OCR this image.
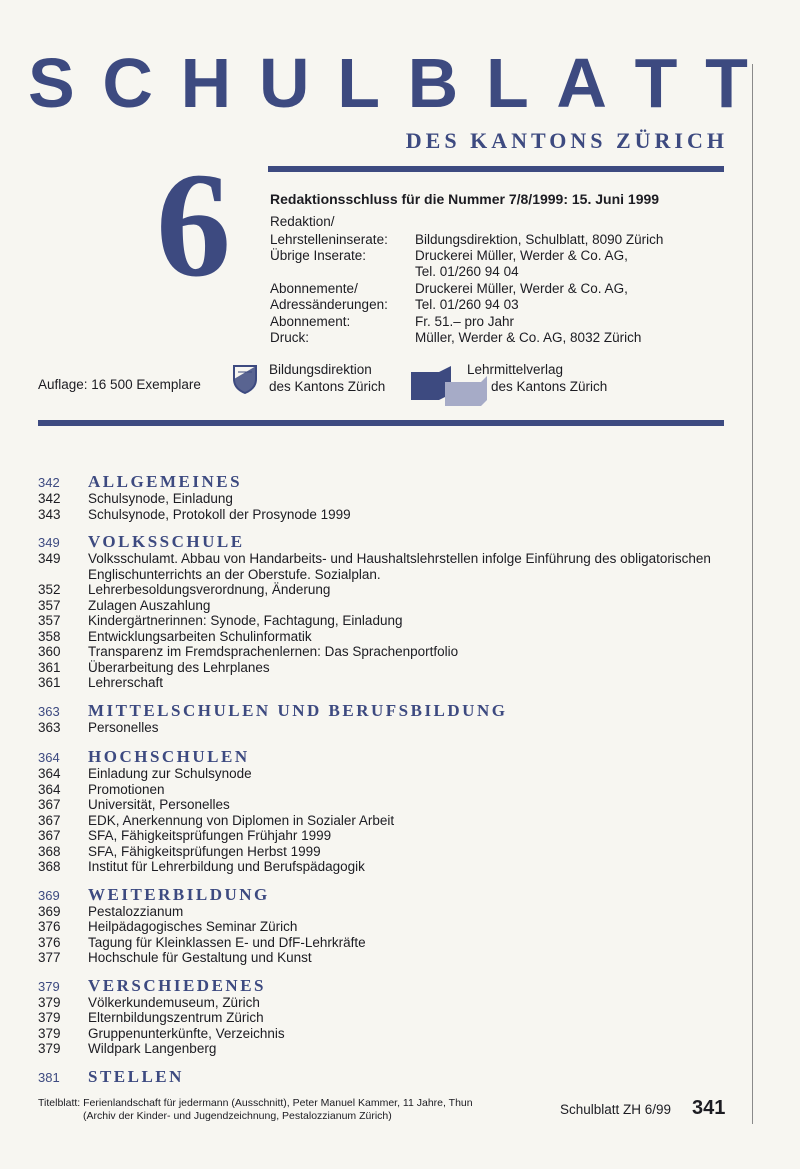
S C H U L B L A T T
DES KANTONS ZÜRICH
6	Redaktionsschluss für die Nummer 7/8/1999: 15. Juni 1999
Redaktion/
Lehrstelleninserate: Bildungsdirektion, Schulblatt, 8090 Zürich
Übrige Inserate:	Druckerei Müller, Werder & Co. AG,
Tel. 01/260 94 04
Abonnemente/	Druckerei Müller, Werder & Co. AG,
Adressänderungen: Tel. 01/260 94 03
Abonnement:	Fr. 51.– pro Jahr
Druck:	Müller, Werder & Co. AG, 8032 Zürich
Bildungsdirektion
des Kantons Zürich
Lehrmittelverlag
des Kantons Zürich
Auflage: 16 500 Exemplare
342	ALLGEMEINES
342	Schulsynode, Einladung
343	Schulsynode, Protokoll der Prosynode 1999
349	VOLKSSCHULE
349	Volksschulamt. Abbau von Handarbeits- und Haushaltslehrstellen infolge Einführung des obligatorischen Englischunterrichts an der Oberstufe. Sozialplan.
352	Lehrerbesoldungsverordnung, Änderung
357	Zulagen Auszahlung
357	Kindergärtnerinnen: Synode, Fachtagung, Einladung
358	Entwicklungsarbeiten Schulinformatik
360	Transparenz im Fremdsprachenlernen: Das Sprachenportfolio
361	Überarbeitung des Lehrplanes
361	Lehrerschaft
363	MITTELSCHULEN UND BERUFSBILDUNG
363	Personelles
364	HOCHSCHULEN
364	Einladung zur Schulsynode
364	Promotionen
367	Universität, Personelles
367	EDK, Anerkennung von Diplomen in Sozialer Arbeit
367	SFA, Fähigkeitsprüfungen Frühjahr 1999
368	SFA, Fähigkeitsprüfungen Herbst 1999
368	Institut für Lehrerbildung und Berufspädagogik
369	WEITERBILDUNG
369	Pestalozzianum
376	Heilpädagogisches Seminar Zürich
376	Tagung für Kleinklassen E- und DfF-Lehrkräfte
377	Hochschule für Gestaltung und Kunst
379	VERSCHIEDENES
379	Völkerkundemuseum, Zürich
379	Elternbildungszentrum Zürich
379	Gruppenunterkünfte, Verzeichnis
379	Wildpark Langenberg
381	STELLEN
Titelblatt: Ferienlandschaft für jedermann (Ausschnitt), Peter Manuel Kammer, 11 Jahre, Thun
(Archiv der Kinder- und Jugendzeichnung, Pestalozzianum Zürich)	Schulblatt ZH 6/99 341
